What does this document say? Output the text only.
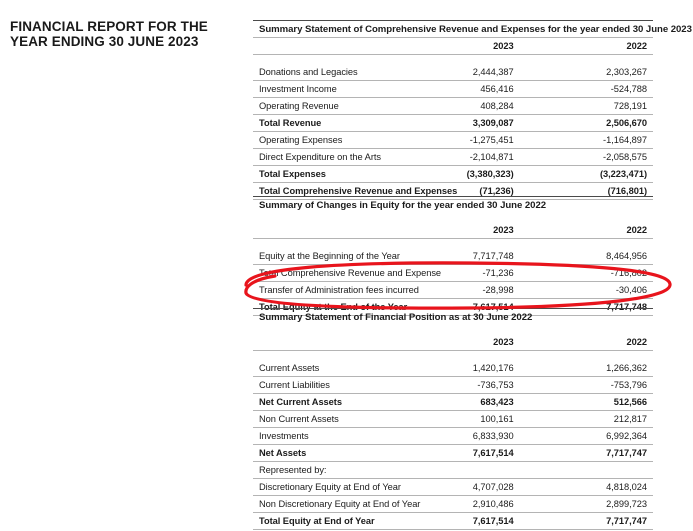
FINANCIAL REPORT FOR THE YEAR ENDING 30 JUNE 2023
Summary Statement of Comprehensive Revenue and Expenses for the year ended 30 June 2023		
	2023	2022

Donations and Legacies	2,444,387	2,303,267
Investment Income	456,416	-524,788
Operating Revenue	408,284	728,191
Total Revenue	3,309,087	2,506,670
Operating Expenses	-1,275,451	-1,164,897
Direct Expenditure on the Arts	-2,104,871	-2,058,575
Total Expenses	(3,380,323)	(3,223,471)
Total Comprehensive Revenue and Expenses	(71,236)	(716,801)
Summary of Changes in Equity for the year ended 30 June 2022		

	2023	2022

Equity at the Beginning of the Year	7,717,748	8,464,956
Total Comprehensive Revenue and Expense	-71,236	-716,802
Transfer of Administration fees incurred	-28,998	-30,406
Total Equity at the End of the Year	7,617,514	7,717,748
Summary Statement of Financial Position as at 30 June 2022		

	2023	2022

Current Assets	1,420,176	1,266,362
Current Liabilities	-736,753	-753,796
Net Current Assets	683,423	512,566
Non Current Assets	100,161	212,817
Investments	6,833,930	6,992,364
Net Assets	7,617,514	7,717,747
Represented by:		
Discretionary Equity at End of Year	4,707,028	4,818,024
Non Discretionary Equity at End of Year	2,910,486	2,899,723
Total Equity at End of Year	7,617,514	7,717,747
